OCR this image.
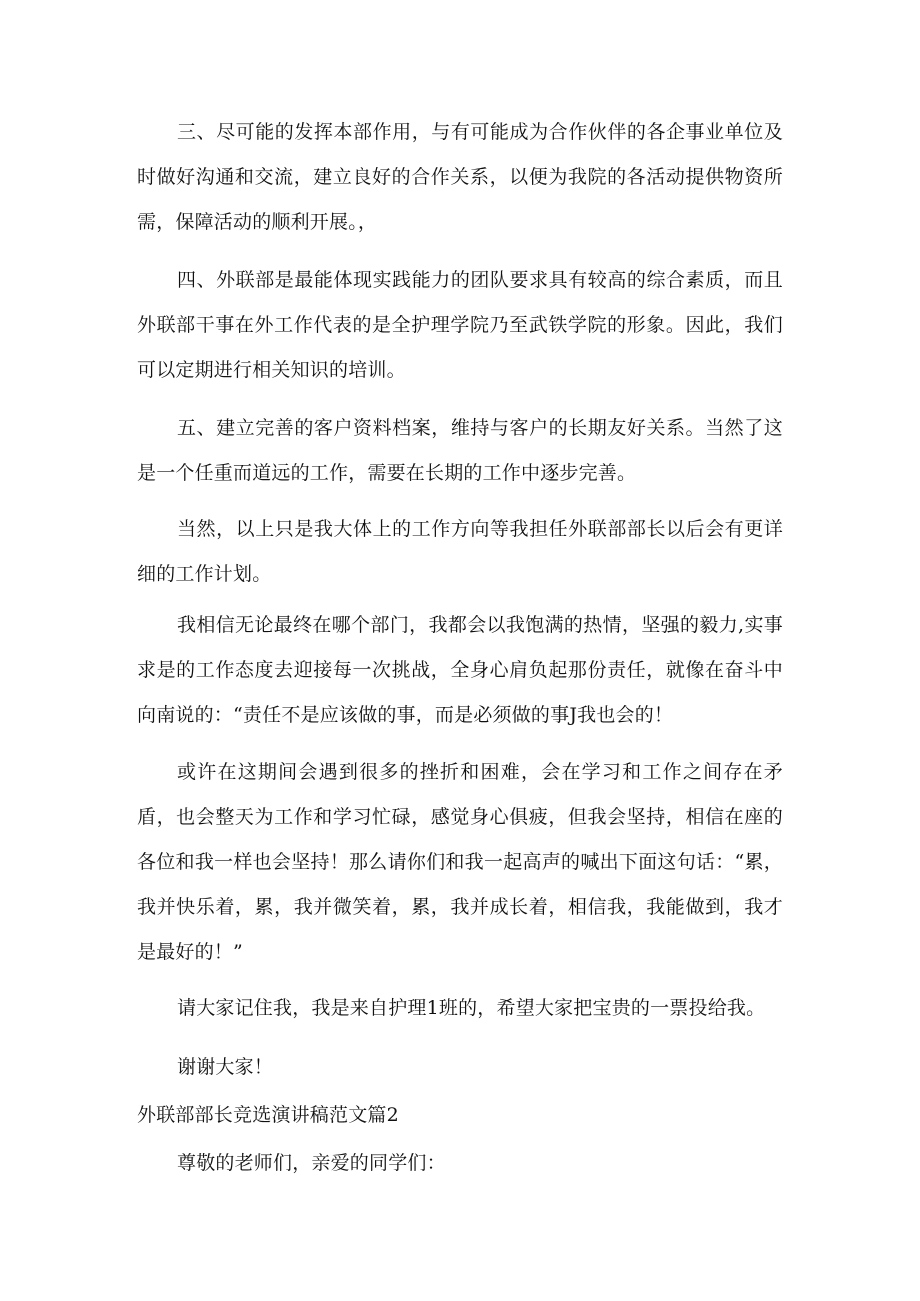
三、尽可能的发挥本部作用，与有可能成为合作伙伴的各企事业单位及时做好沟通和交流，建立良好的合作关系，以便为我院的各活动提供物资所需，保障活动的顺利开展。，

四、外联部是最能体现实践能力的团队要求具有较高的综合素质，而且外联部干事在外工作代表的是全护理学院乃至武铁学院的形象。因此，我们可以定期进行相关知识的培训。

五、建立完善的客户资料档案，维持与客户的长期友好关系。当然了这是一个任重而道远的工作，需要在长期的工作中逐步完善。

当然，以上只是我大体上的工作方向等我担任外联部部长以后会有更详细的工作计划。

我相信无论最终在哪个部门，我都会以我饱满的热情，坚强的毅力,实事求是的工作态度去迎接每一次挑战，全身心肩负起那份责任，就像在奋斗中向南说的：“责任不是应该做的事，而是必须做的事J我也会的！

或许在这期间会遇到很多的挫折和困难，会在学习和工作之间存在矛盾，也会整天为工作和学习忙碌，感觉身心俱疲，但我会坚持，相信在座的各位和我一样也会坚持！那么请你们和我一起高声的喊出下面这句话：“累，我并快乐着，累，我并微笑着，累，我并成长着，相信我，我能做到，我才是最好的！”

请大家记住我，我是来自护理1班的，希望大家把宝贵的一票投给我。

谢谢大家！

外联部部长竞选演讲稿范文篇2

尊敬的老师们，亲爱的同学们：
